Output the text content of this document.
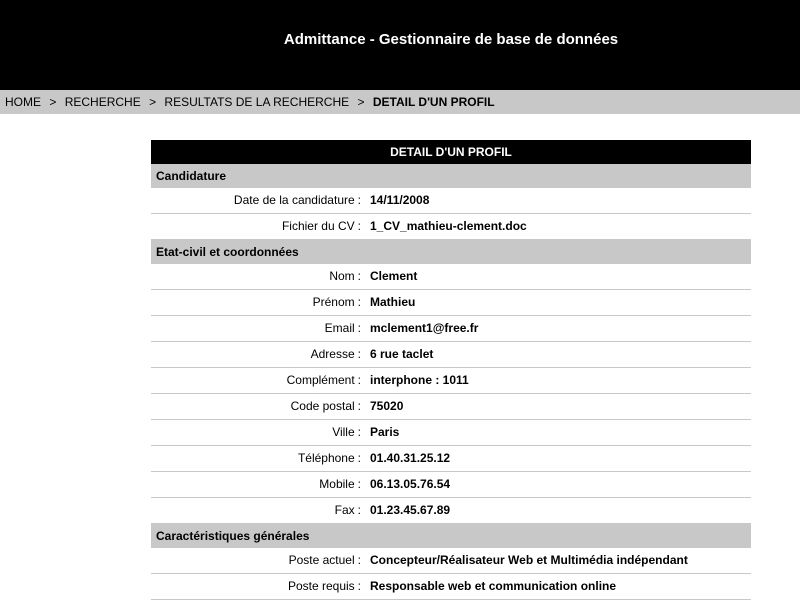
Admittance - Gestionnaire de base de données
HOME > RECHERCHE > RESULTATS DE LA RECHERCHE > DETAIL D'UN PROFIL
DETAIL D'UN PROFIL
Candidature
Date de la candidature : 14/11/2008
Fichier du CV : 1_CV_mathieu-clement.doc
Etat-civil et coordonnées
Nom : Clement
Prénom : Mathieu
Email : mclement1@free.fr
Adresse : 6 rue taclet
Complément : interphone : 1011
Code postal : 75020
Ville : Paris
Téléphone : 01.40.31.25.12
Mobile : 06.13.05.76.54
Fax : 01.23.45.67.89
Caractéristiques générales
Poste actuel : Concepteur/Réalisateur Web et Multimédia indépendant
Poste requis : Responsable web et communication online
